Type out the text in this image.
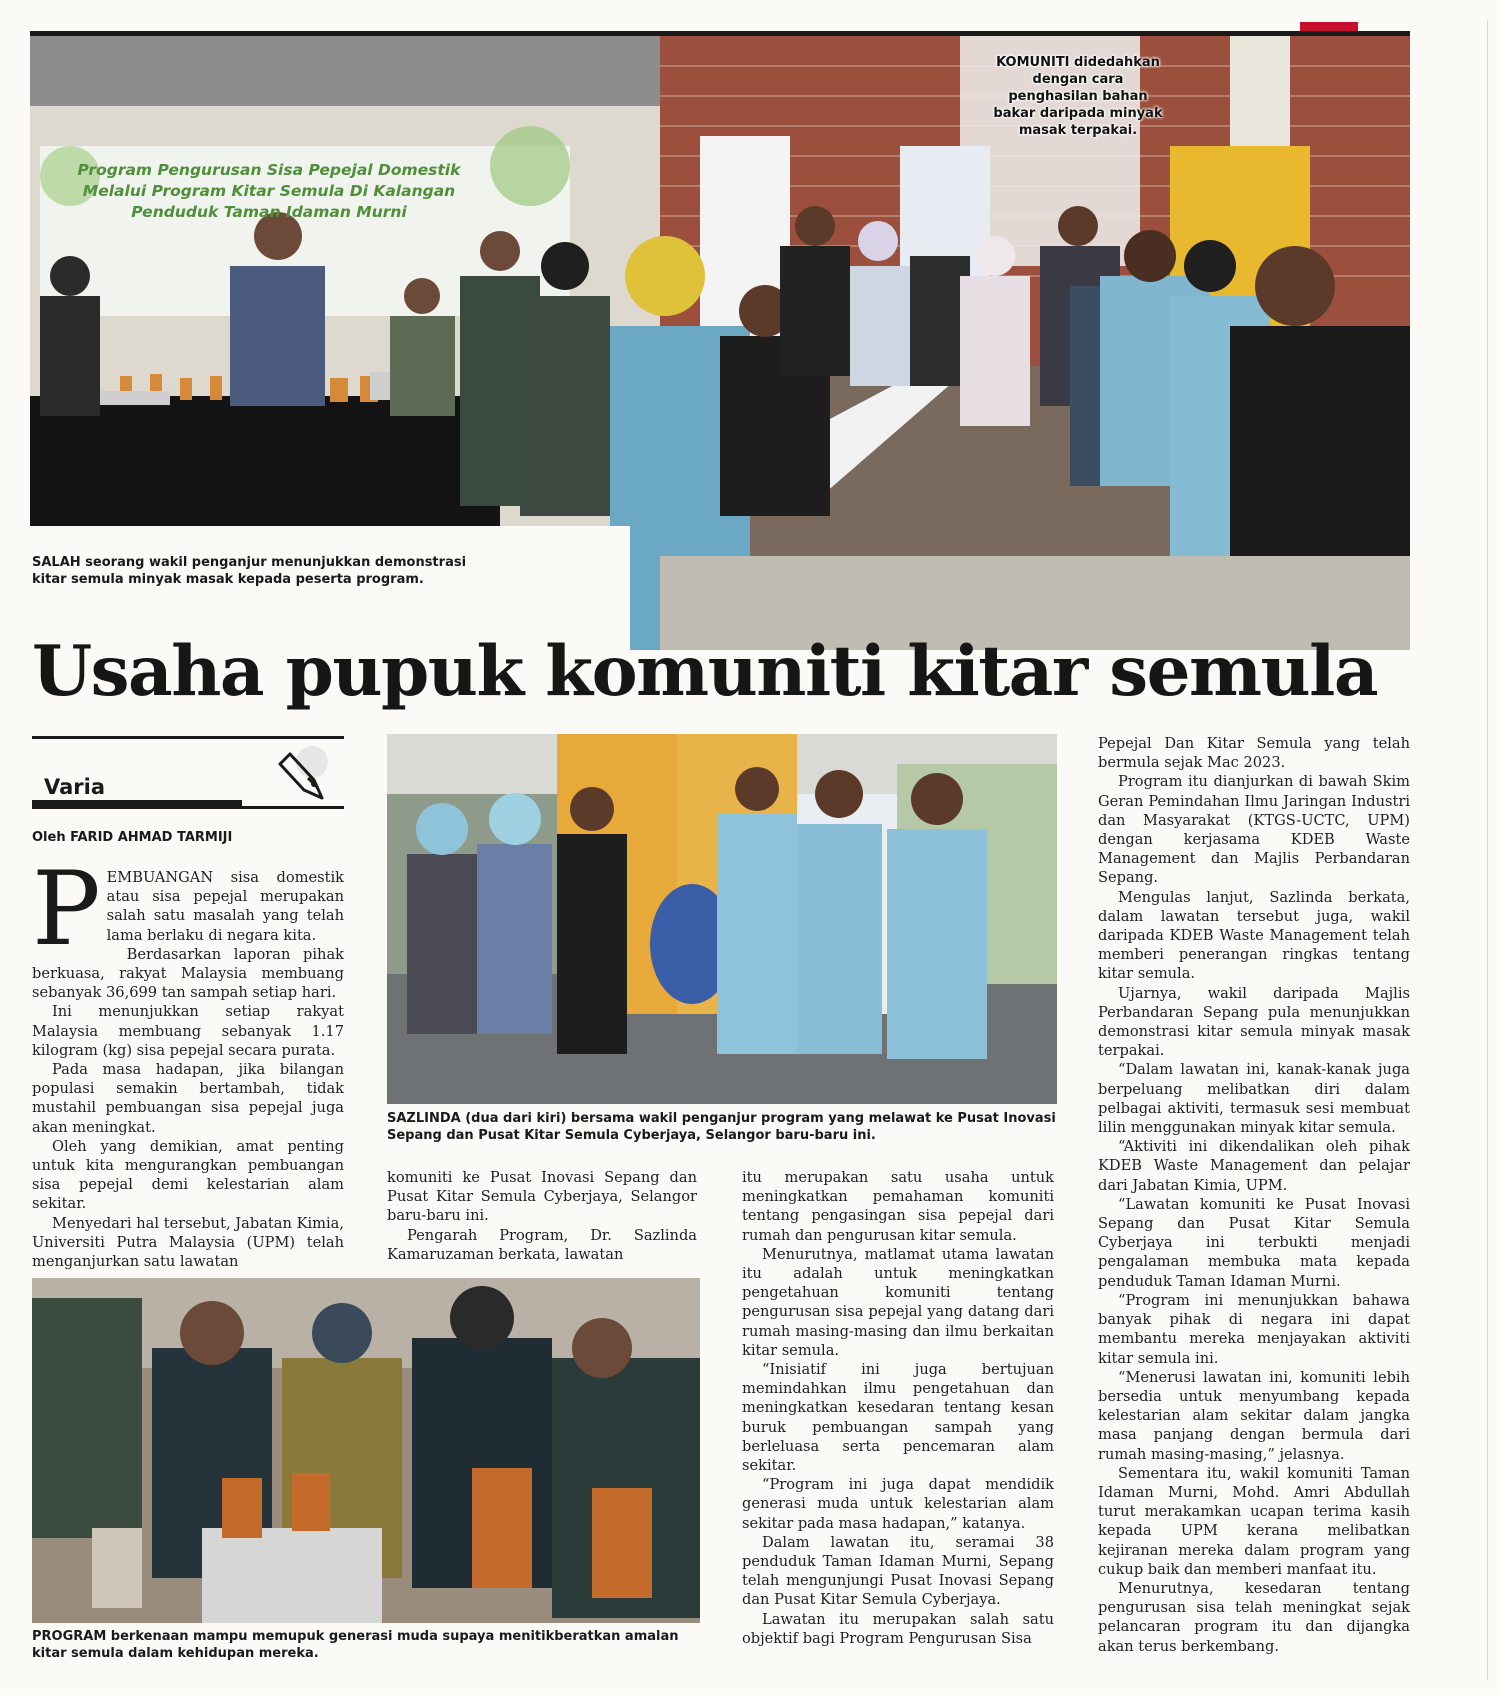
Program Pengurusan Sisa Pepejal Domestik Melalui Program Kitar Semula Di Kalangan Penduduk Taman Idaman Murni
KOMUNITI didedahkan dengan cara penghasilan bahan bakar daripada minyak masak terpakai.
SALAH seorang wakil penganjur menunjukkan demonstrasi kitar semula minyak masak kepada peserta program.
Usaha pupuk komuniti kitar semula
Varia
Oleh FARID AHMAD TARMIJI

PEMBUANGAN sisa domestik atau sisa pepejal merupakan salah satu masalah yang telah lama berlaku di negara kita.

Berdasarkan laporan pihak berkuasa, rakyat Malaysia membuang sebanyak 36,699 tan sampah setiap hari.

Ini menunjukkan setiap rakyat Malaysia membuang sebanyak 1.17 kilogram (kg) sisa pepejal secara purata.

Pada masa hadapan, jika bilangan populasi semakin bertambah, tidak mustahil pembuangan sisa pepejal juga akan meningkat.

Oleh yang demikian, amat penting untuk kita mengurangkan pembuangan sisa pepejal demi kelestarian alam sekitar.

Menyedari hal tersebut, Jabatan Kimia, Universiti Putra Malaysia (UPM) telah menganjurkan satu lawatan

SAZLINDA (dua dari kiri) bersama wakil penganjur program yang melawat ke Pusat Inovasi Sepang dan Pusat Kitar Semula Cyberjaya, Selangor baru-baru ini.

komuniti ke Pusat Inovasi Sepang dan Pusat Kitar Semula Cyberjaya, Selangor baru-baru ini.

Pengarah Program, Dr. Sazlinda Kamaruzaman berkata, lawatan

PROGRAM berkenaan mampu memupuk generasi muda supaya menitikberatkan amalan kitar semula dalam kehidupan mereka.

itu merupakan satu usaha untuk meningkatkan pemahaman komuniti tentang pengasingan sisa pepejal dari rumah dan pengurusan kitar semula.

Menurutnya, matlamat utama lawatan itu adalah untuk meningkatkan pengetahuan komuniti tentang pengurusan sisa pepejal yang datang dari rumah masing-masing dan ilmu berkaitan kitar semula.

“Inisiatif ini juga bertujuan memindahkan ilmu pengetahuan dan meningkatkan kesedaran tentang kesan buruk pembuangan sampah yang berleluasa serta pencemaran alam sekitar.

“Program ini juga dapat mendidik generasi muda untuk kelestarian alam sekitar pada masa hadapan,” katanya.

Dalam lawatan itu, seramai 38 penduduk Taman Idaman Murni, Sepang telah mengunjungi Pusat Inovasi Sepang dan Pusat Kitar Semula Cyberjaya.

Lawatan itu merupakan salah satu objektif bagi Program Pengurusan Sisa

Pepejal Dan Kitar Semula yang telah bermula sejak Mac 2023.

Program itu dianjurkan di bawah Skim Geran Pemindahan Ilmu Jaringan Industri dan Masyarakat (KTGS-UCTC, UPM) dengan kerjasama KDEB Waste Management dan Majlis Perbandaran Sepang.

Mengulas lanjut, Sazlinda berkata, dalam lawatan tersebut juga, wakil daripada KDEB Waste Management telah memberi penerangan ringkas tentang kitar semula.

Ujarnya, wakil daripada Majlis Perbandaran Sepang pula menunjukkan demonstrasi kitar semula minyak masak terpakai.

“Dalam lawatan ini, kanak-kanak juga berpeluang melibatkan diri dalam pelbagai aktiviti, termasuk sesi membuat lilin menggunakan minyak kitar semula.

“Aktiviti ini dikendalikan oleh pihak KDEB Waste Management dan pelajar dari Jabatan Kimia, UPM.

“Lawatan komuniti ke Pusat Inovasi Sepang dan Pusat Kitar Semula Cyberjaya ini terbukti menjadi pengalaman membuka mata kepada penduduk Taman Idaman Murni.

“Program ini menunjukkan bahawa banyak pihak di negara ini dapat membantu mereka menjayakan aktiviti kitar semula ini.

“Menerusi lawatan ini, komuniti lebih bersedia untuk menyumbang kepada kelestarian alam sekitar dalam jangka masa panjang dengan bermula dari rumah masing-masing,” jelasnya.

Sementara itu, wakil komuniti Taman Idaman Murni, Mohd. Amri Abdullah turut merakamkan ucapan terima kasih kepada UPM kerana melibatkan kejiranan mereka dalam program yang cukup baik dan memberi manfaat itu.

Menurutnya, kesedaran tentang pengurusan sisa telah meningkat sejak pelancaran program itu dan dijangka akan terus berkembang.
